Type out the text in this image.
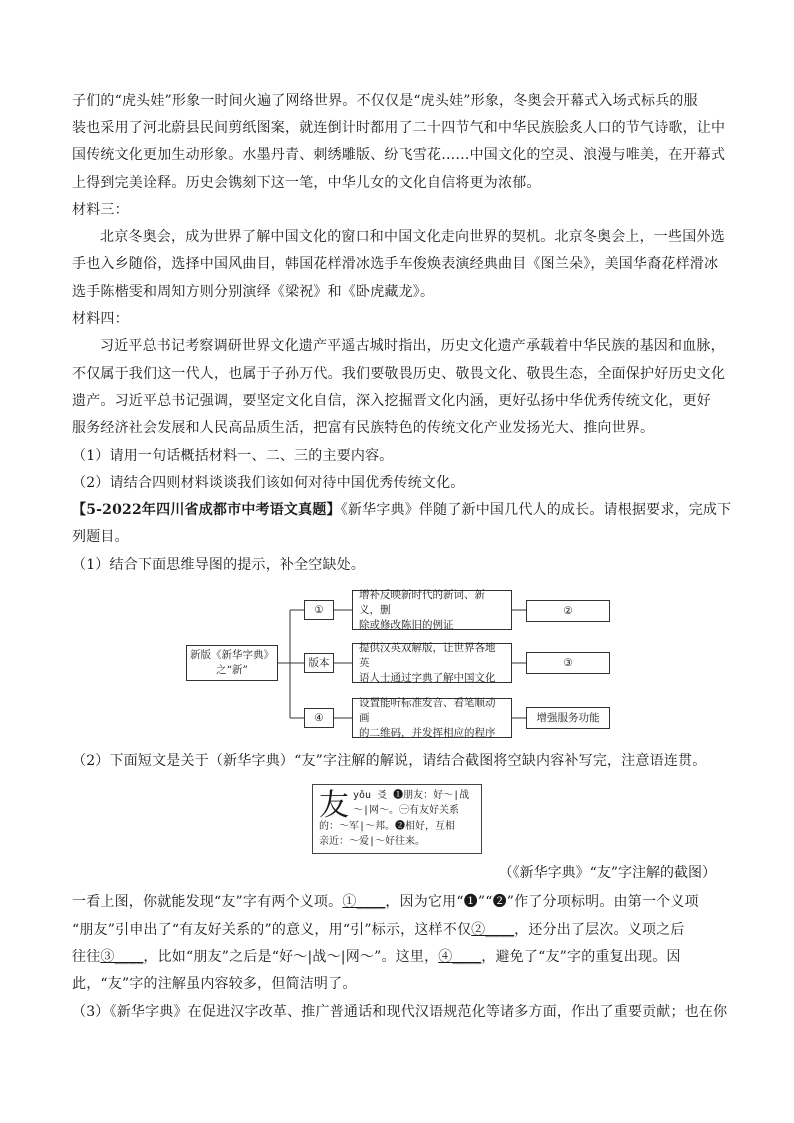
子们的“虎头娃”形象一时间火遍了网络世界。不仅仅是“虎头娃”形象，冬奥会开幕式入场式标兵的服
装也采用了河北蔚县民间剪纸图案，就连倒计时都用了二十四节气和中华民族脍炙人口的节气诗歌，让中
国传统文化更加生动形象。水墨丹青、刺绣雕版、纷飞雪花……中国文化的空灵、浪漫与唯美，在开幕式
上得到完美诠释。历史会镌刻下这一笔，中华儿女的文化自信将更为浓郁。
材料三：
北京冬奥会，成为世界了解中国文化的窗口和中国文化走向世界的契机。北京冬奥会上，一些国外选
手也入乡随俗，选择中国风曲目，韩国花样滑冰选手车俊焕表演经典曲目《图兰朵》，美国华裔花样滑冰
选手陈楷雯和周知方则分别演绎《梁祝》和《卧虎藏龙》。
材料四：
习近平总书记考察调研世界文化遗产平遥古城时指出，历史文化遗产承载着中华民族的基因和血脉，
不仅属于我们这一代人，也属于子孙万代。我们要敬畏历史、敬畏文化、敬畏生态，全面保护好历史文化
遗产。习近平总书记强调，要坚定文化自信，深入挖掘晋文化内涵，更好弘扬中华优秀传统文化，更好
服务经济社会发展和人民高品质生活，把富有民族特色的传统文化产业发扬光大、推向世界。
（1）请用一句话概括材料一、二、三的主要内容。
（2）请结合四则材料谈谈我们该如何对待中国优秀传统文化。
【5-2022年四川省成都市中考语文真题】《新华字典》伴随了新中国几代人的成长。请根据要求，完成下
列题目。
（1）结合下面思维导图的提示，补全空缺处。
新版《新华字典》
之“新”
①
版本
④
增补反映新时代的新词、新义，删
除或修改陈旧的例证
提供汉英双解版，让世界各地英
语人士通过字典了解中国文化
设置能听标准发音、看笔顺动画
的二维码，并发挥相应的程序
②
③
增强服务功能
（2）下面短文是关于（新华字典）“友”字注解的解说，请结合截图将空缺内容补写完，注意语连贯。
友 yǒu 㕛 ❶朋友：好～|战
～|网～。㊀有友好关系
的：～军|～邦。❷相好，互相
亲近：～爱|～好往来。
（《新华字典》“友”字注解的截图）
一看上图，你就能发现“友”字有两个义项。①____，因为它用“❶”“❷”作了分项标明。由第一个义项
“朋友”引申出了“有友好关系的”的意义，用“引”标示，这样不仅②____，还分出了层次。义项之后
往往③____，比如“朋友”之后是“好～|战～|网～”。这里，④____，避免了“友”字的重复出现。因
此，“友”字的注解虽内容较多，但简洁明了。
（3）《新华字典》在促进汉字改革、推广普通话和现代汉语规范化等诸多方面，作出了重要贡献；也在你
